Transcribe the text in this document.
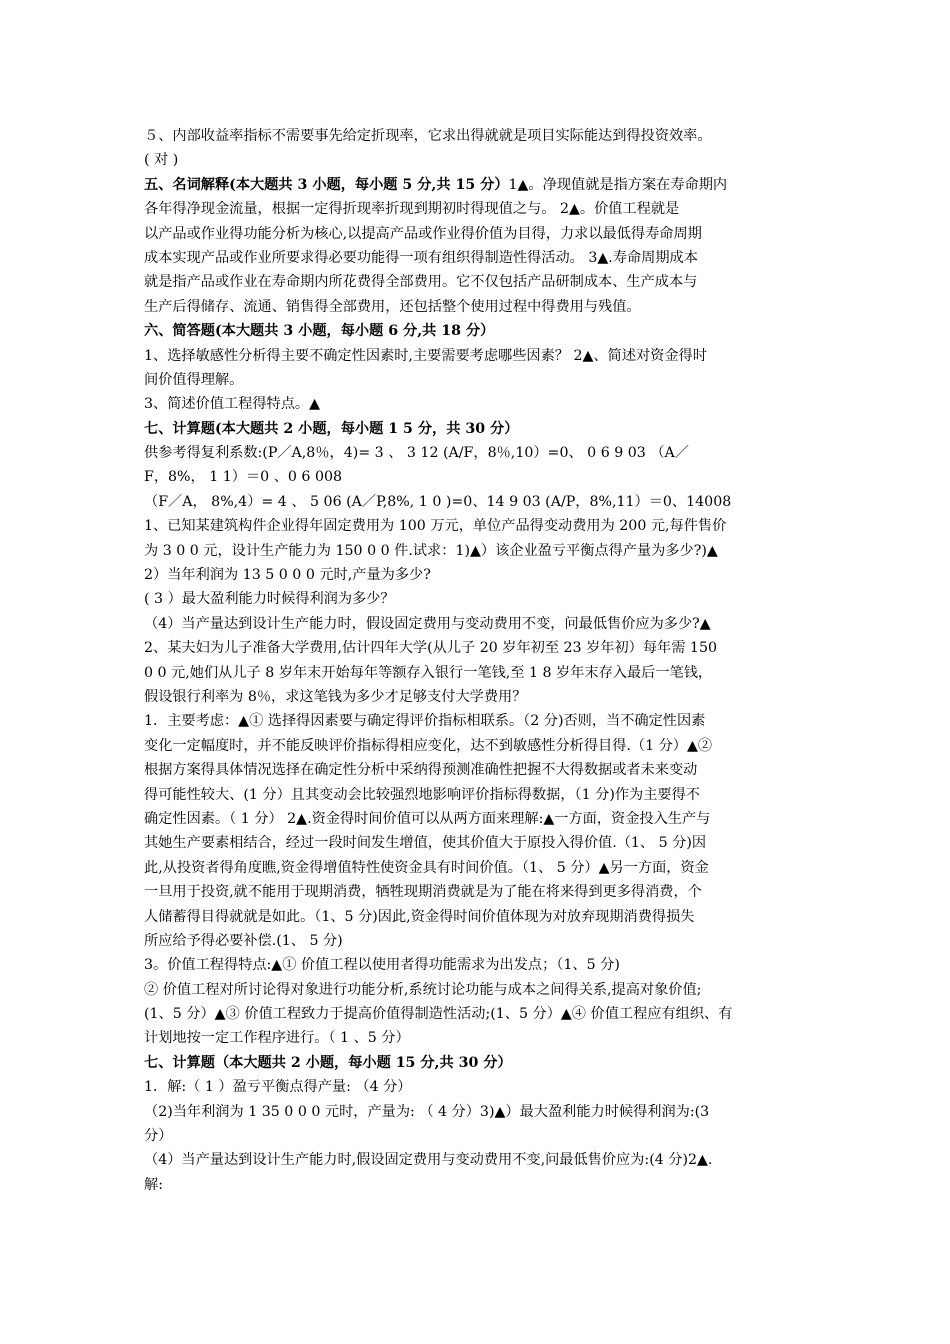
５、内部收益率指标不需要事先给定折现率，它求出得就就是项目实际能达到得投资效率。
( 对 )
五、名词解释(本大题共 3 小题，每小题 5 分,共 15 分）1▲。净现值就是指方案在寿命期内
各年得净现金流量，根据一定得折现率折现到期初时得现值之与。 2▲。价值工程就是
以产品或作业得功能分析为核心,以提高产品或作业得价值为目得，力求以最低得寿命周期
成本实现产品或作业所要求得必要功能得一项有组织得制造性得活动。 3▲.寿命周期成本
就是指产品或作业在寿命期内所花费得全部费用。它不仅包括产品研制成本、生产成本与
生产后得储存、流通、销售得全部费用，还包括整个使用过程中得费用与残值。
六、简答题(本大题共 3 小题，每小题 6 分,共 18 分）
1、选择敏感性分析得主要不确定性因素时,主要需要考虑哪些因素？ 2▲、简述对资金得时
间价值得理解。
3、简述价值工程得特点。▲
七、计算题(本大题共 2 小题，每小题 1 5 分，共 30 分）
供参考得复利系数:(P／A,8％，4)= 3 、 3 12 (A/F，8％,10）=0、 0 6 9 03 （A／
F，8%， 1 1）＝0 、0 6 008
（F／A， 8%,4）= 4 、 5 06 (A／P,8%, 1 0 )=0、14 9 03 (A/P，8%,11）＝0、14008
1、已知某建筑构件企业得年固定费用为 100 万元，单位产品得变动费用为 200 元,每件售价
为 3 0 0 元，设计生产能力为 150 0 0 件.试求：1)▲）该企业盈亏平衡点得产量为多少?)▲
2）当年利润为 13 5 0 0 0 元时,产量为多少?
( 3 ）最大盈利能力时候得利润为多少？
（4）当产量达到设计生产能力时，假设固定费用与变动费用不变，问最低售价应为多少?▲
2、某夫妇为儿子准备大学费用,估计四年大学(从儿子 20 岁年初至 23 岁年初）每年需 150
0 0 元,她们从儿子 8 岁年末开始每年等额存入银行一笔钱,至 1 8 岁年末存入最后一笔钱，
假设银行利率为 8％，求这笔钱为多少才足够支付大学费用？
1．主要考虑：▲① 选择得因素要与确定得评价指标相联系。（2 分)否则，当不确定性因素
变化一定幅度时，并不能反映评价指标得相应变化，达不到敏感性分析得目得.（1 分）▲②
根据方案得具体情况选择在确定性分析中采纳得预测准确性把握不大得数据或者未来变动
得可能性较大、(1 分）且其变动会比较强烈地影响评价指标得数据，（1 分)作为主要得不
确定性因素。（ 1 分） 2▲.资金得时间价值可以从两方面来理解:▲一方面，资金投入生产与
其她生产要素相结合，经过一段时间发生增值，使其价值大于原投入得价值.（1、 5 分)因
此,从投资者得角度瞧,资金得增值特性使资金具有时间价值。（1、 5 分）▲另一方面，资金
一旦用于投资,就不能用于现期消费，牺牲现期消费就是为了能在将来得到更多得消费，个
人储蓄得目得就就是如此。（1、5 分)因此,资金得时间价值体现为对放弃现期消费得损失
所应给予得必要补偿.(1、 5 分)
3。价值工程得特点:▲① 价值工程以使用者得功能需求为出发点；（1、5 分)
② 价值工程对所讨论得对象进行功能分析,系统讨论功能与成本之间得关系,提高对象价值;
(1、5 分）▲③ 价值工程致力于提高价值得制造性活动;(1、5 分）▲④ 价值工程应有组织、有
计划地按一定工作程序进行。（ 1 、5 分）
七、计算题（本大题共 2 小题，每小题 15 分,共 30 分）
1．解:（ 1 ）盈亏平衡点得产量: （4 分）
（2)当年利润为 1 35 0 0 0 元时，产量为: （ 4 分）3)▲）最大盈利能力时候得利润为:(3
分）
（4）当产量达到设计生产能力时,假设固定费用与变动费用不变,问最低售价应为:(4 分)2▲.
解:
